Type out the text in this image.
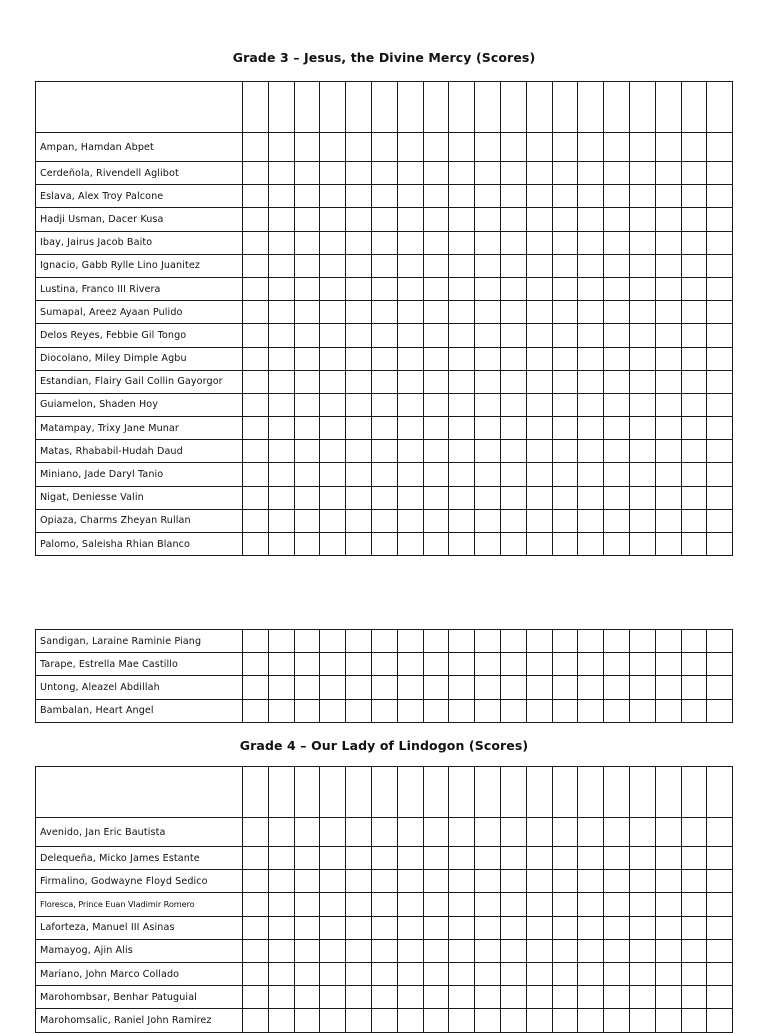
Grade 3 – Jesus, the Divine Mercy (Scores)

Ampan, Hamdan Abpet																			
Cerdeñola, Rivendell Aglibot																			
Eslava, Alex Troy Palcone																			
Hadji Usman, Dacer Kusa																			
Ibay, Jairus Jacob Baito																			
Ignacio, Gabb Rylle Lino Juanitez																			
Lustina, Franco III Rivera																			
Sumapal, Areez Ayaan Pulido																			
Delos Reyes, Febbie Gil Tongo																			
Diocolano, Miley Dimple Agbu																			
Estandian, Flairy Gail Collin Gayorgor																			
Guiamelon, Shaden Hoy																			
Matampay, Trixy Jane Munar																			
Matas, Rhababil-Hudah Daud																			
Miniano, Jade Daryl Tanio																			
Nigat, Deniesse Valin																			
Opiaza, Charms Zheyan Rullan																			
Palomo, Saleisha Rhian Blanco																			
Sandigan, Laraine Raminie Piang																			
Tarape, Estrella Mae Castillo																			
Untong, Aleazel Abdillah																			
Bambalan, Heart Angel																			
Grade 4 – Our Lady of Lindogon (Scores)

Avenido, Jan Eric Bautista																			
Delequeña, Micko James Estante																			
Firmalino, Godwayne Floyd Sedico																			
Floresca, Prince Euan Vladimir Romero																			
Laforteza, Manuel III Asinas																			
Mamayog, Ajin Alis																			
Mariano, John Marco Collado																			
Marohombsar, Benhar Patuguial																			
Marohomsalic, Raniel John Ramirez																			
